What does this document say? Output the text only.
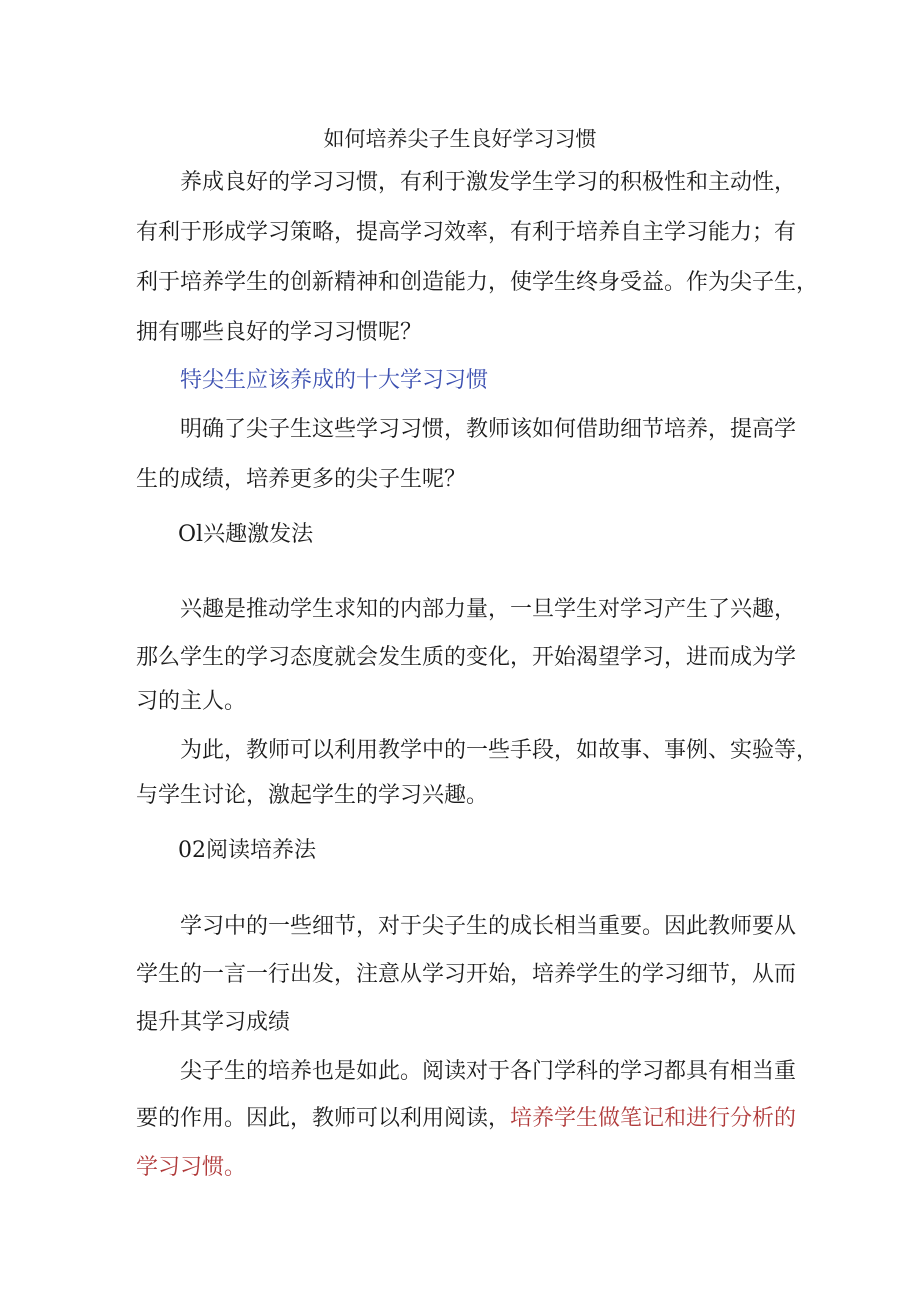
如何培养尖子生良好学习习惯
养成良好的学习习惯，有利于激发学生学习的积极性和主动性，
有利于形成学习策略，提高学习效率，有利于培养自主学习能力；有
利于培养学生的创新精神和创造能力，使学生终身受益。作为尖子生，
拥有哪些良好的学习习惯呢？
特尖生应该养成的十大学习习惯
明确了尖子生这些学习习惯，教师该如何借助细节培养，提高学
生的成绩，培养更多的尖子生呢？
Ol兴趣激发法
兴趣是推动学生求知的内部力量，一旦学生对学习产生了兴趣，
那么学生的学习态度就会发生质的变化，开始渴望学习，进而成为学
习的主人。
为此，教师可以利用教学中的一些手段，如故事、事例、实验等，
与学生讨论，激起学生的学习兴趣。
02阅读培养法
学习中的一些细节，对于尖子生的成长相当重要。因此教师要从
学生的一言一行出发，注意从学习开始，培养学生的学习细节，从而
提升其学习成绩
尖子生的培养也是如此。阅读对于各门学科的学习都具有相当重
要的作用。因此，教师可以利用阅读，培养学生做笔记和进行分析的
学习习惯。
